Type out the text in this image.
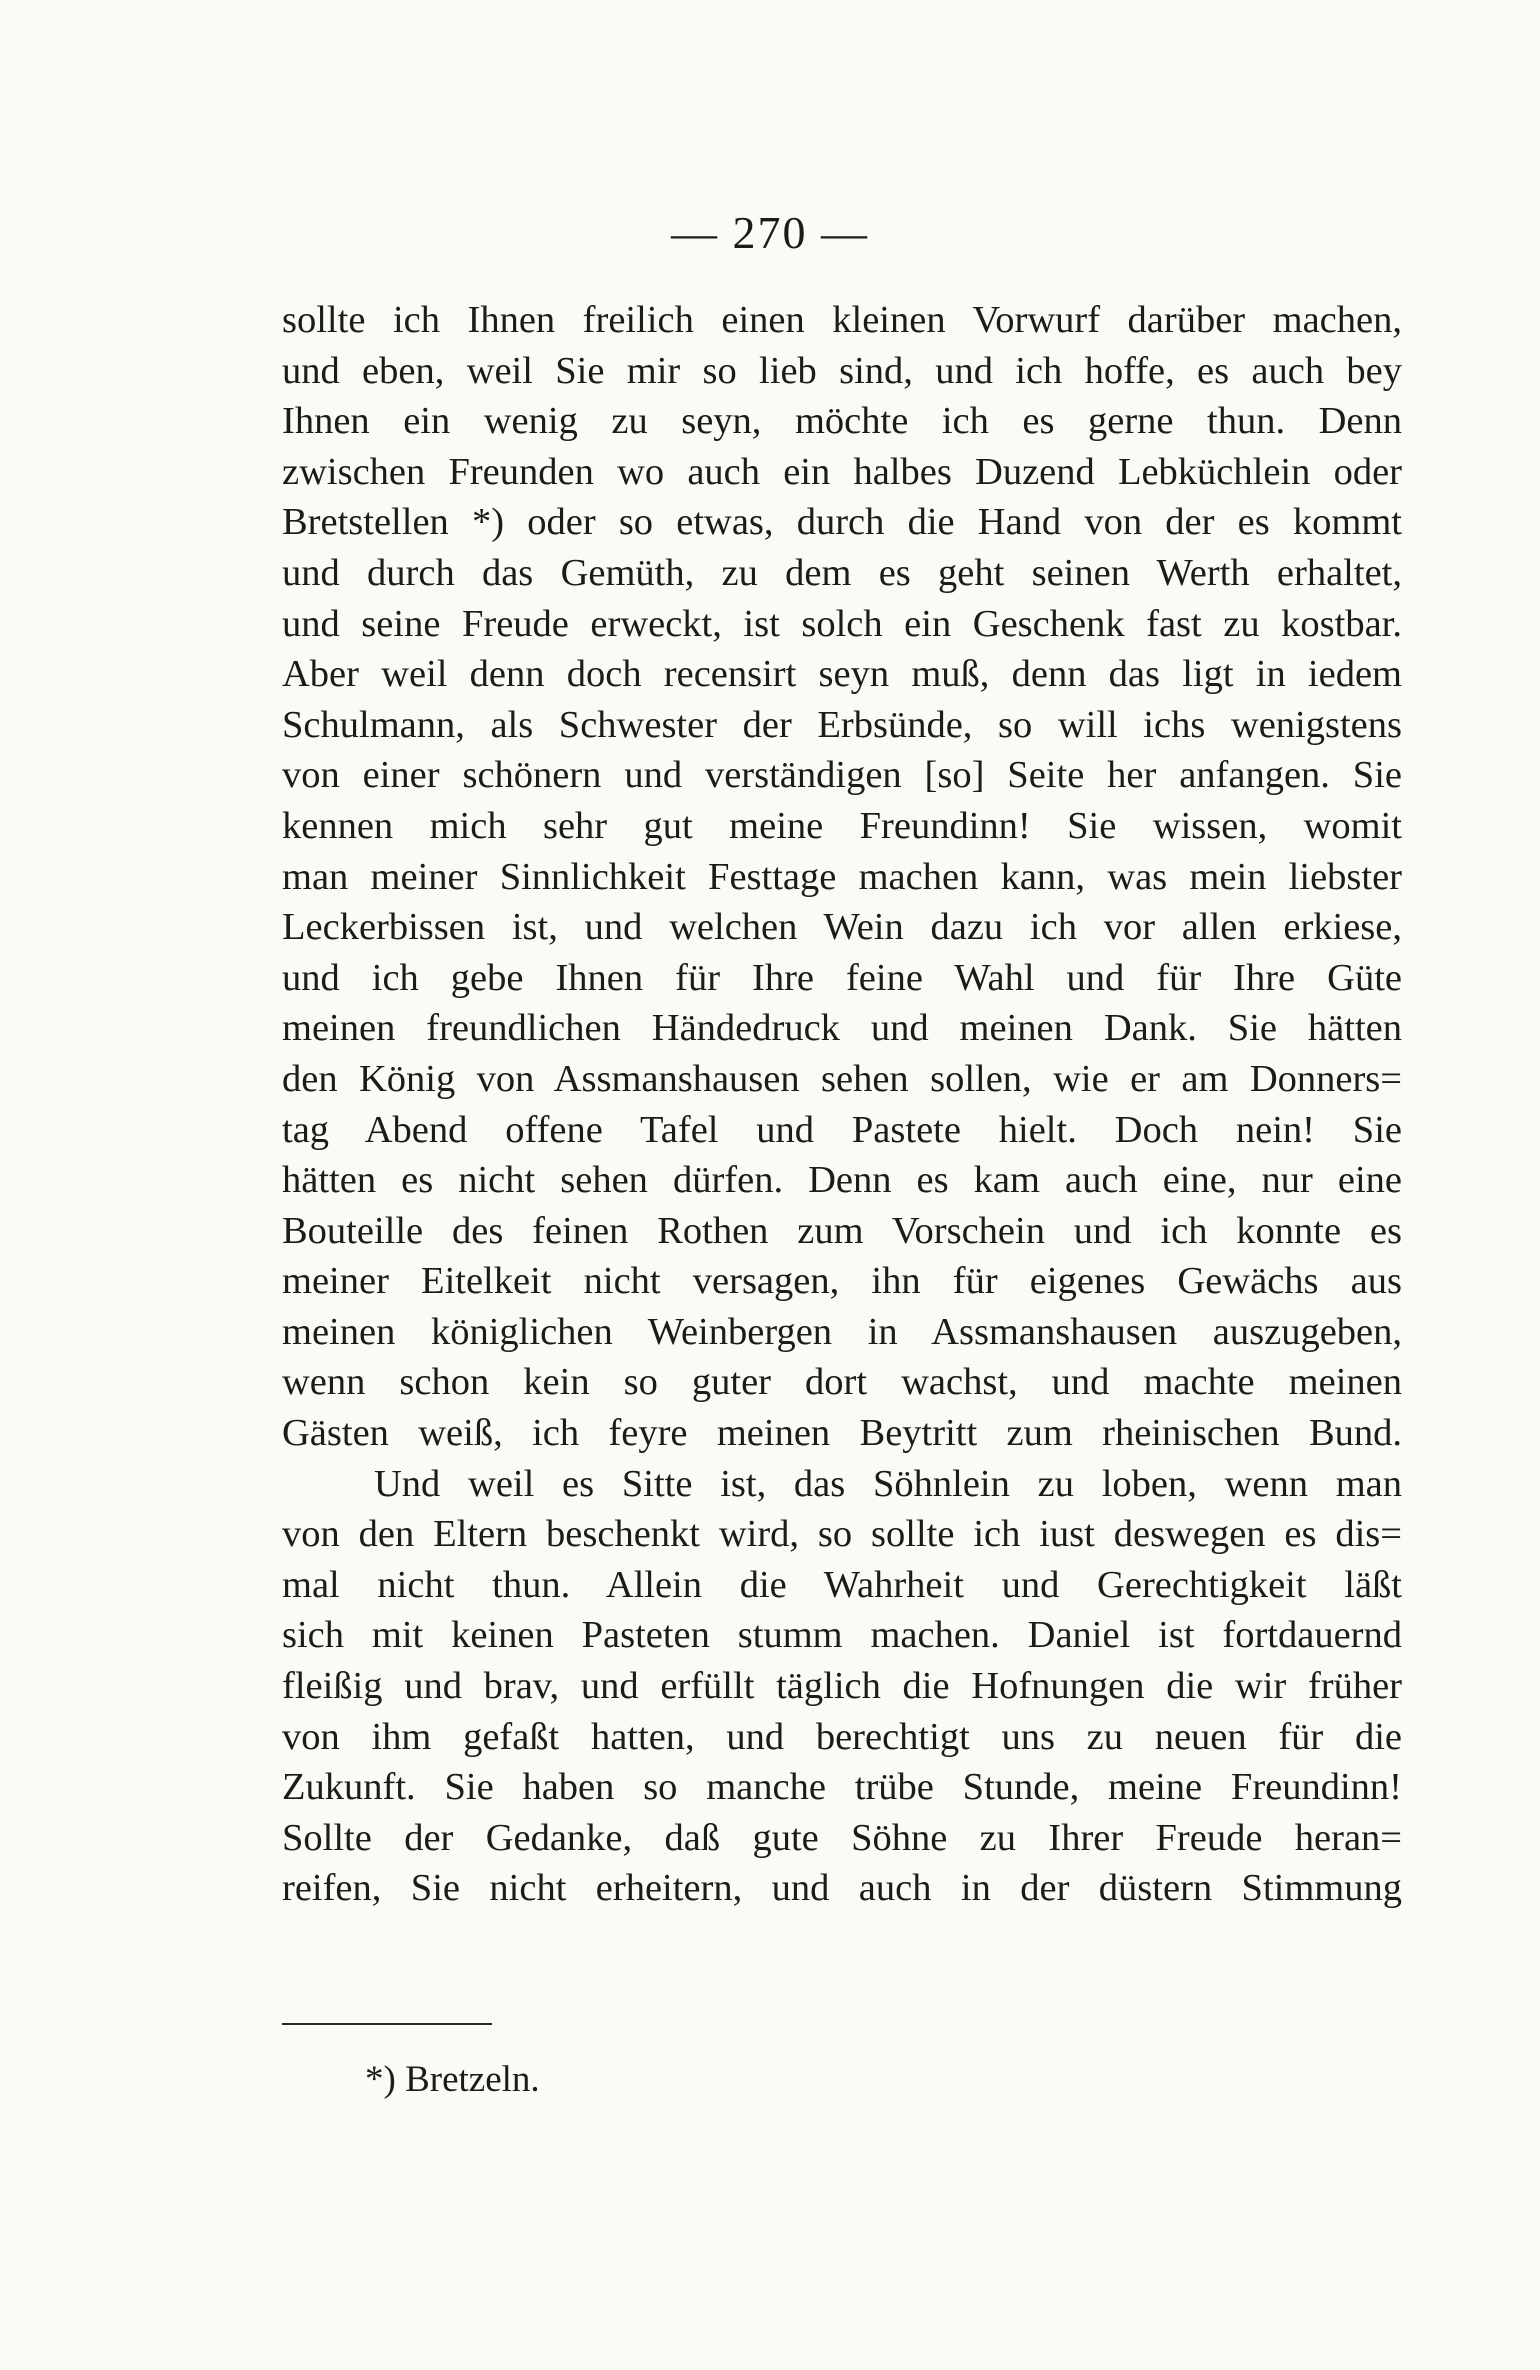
— 270 —
sollte ich Ihnen freilich einen kleinen Vorwurf darüber machen,
und eben, weil Sie mir so lieb sind, und ich hoffe, es auch bey
Ihnen ein wenig zu seyn, möchte ich es gerne thun. Denn
zwischen Freunden wo auch ein halbes Duzend Lebküchlein oder
Bretstellen *) oder so etwas, durch die Hand von der es kommt
und durch das Gemüth, zu dem es geht seinen Werth erhaltet,
und seine Freude erweckt, ist solch ein Geschenk fast zu kostbar.
Aber weil denn doch recensirt seyn muß, denn das ligt in iedem
Schulmann, als Schwester der Erbsünde, so will ichs wenigstens
von einer schönern und verständigen [so] Seite her anfangen. Sie
kennen mich sehr gut meine Freundinn! Sie wissen, womit
man meiner Sinnlichkeit Festtage machen kann, was mein liebster
Leckerbissen ist, und welchen Wein dazu ich vor allen erkiese,
und ich gebe Ihnen für Ihre feine Wahl und für Ihre Güte
meinen freundlichen Händedruck und meinen Dank. Sie hätten
den König von Assmanshausen sehen sollen, wie er am Donners=
tag Abend offene Tafel und Pastete hielt. Doch nein! Sie
hätten es nicht sehen dürfen. Denn es kam auch eine, nur eine
Bouteille des feinen Rothen zum Vorschein und ich konnte es
meiner Eitelkeit nicht versagen, ihn für eigenes Gewächs aus
meinen königlichen Weinbergen in Assmanshausen auszugeben,
wenn schon kein so guter dort wachst, und machte meinen
Gästen weiß, ich feyre meinen Beytritt zum rheinischen Bund.
Und weil es Sitte ist, das Söhnlein zu loben, wenn man
von den Eltern beschenkt wird, so sollte ich iust deswegen es dis=
mal nicht thun. Allein die Wahrheit und Gerechtigkeit läßt
sich mit keinen Pasteten stumm machen. Daniel ist fortdauernd
fleißig und brav, und erfüllt täglich die Hofnungen die wir früher
von ihm gefaßt hatten, und berechtigt uns zu neuen für die
Zukunft. Sie haben so manche trübe Stunde, meine Freundinn!
Sollte der Gedanke, daß gute Söhne zu Ihrer Freude heran=
reifen, Sie nicht erheitern, und auch in der düstern Stimmung
*) Bretzeln.
